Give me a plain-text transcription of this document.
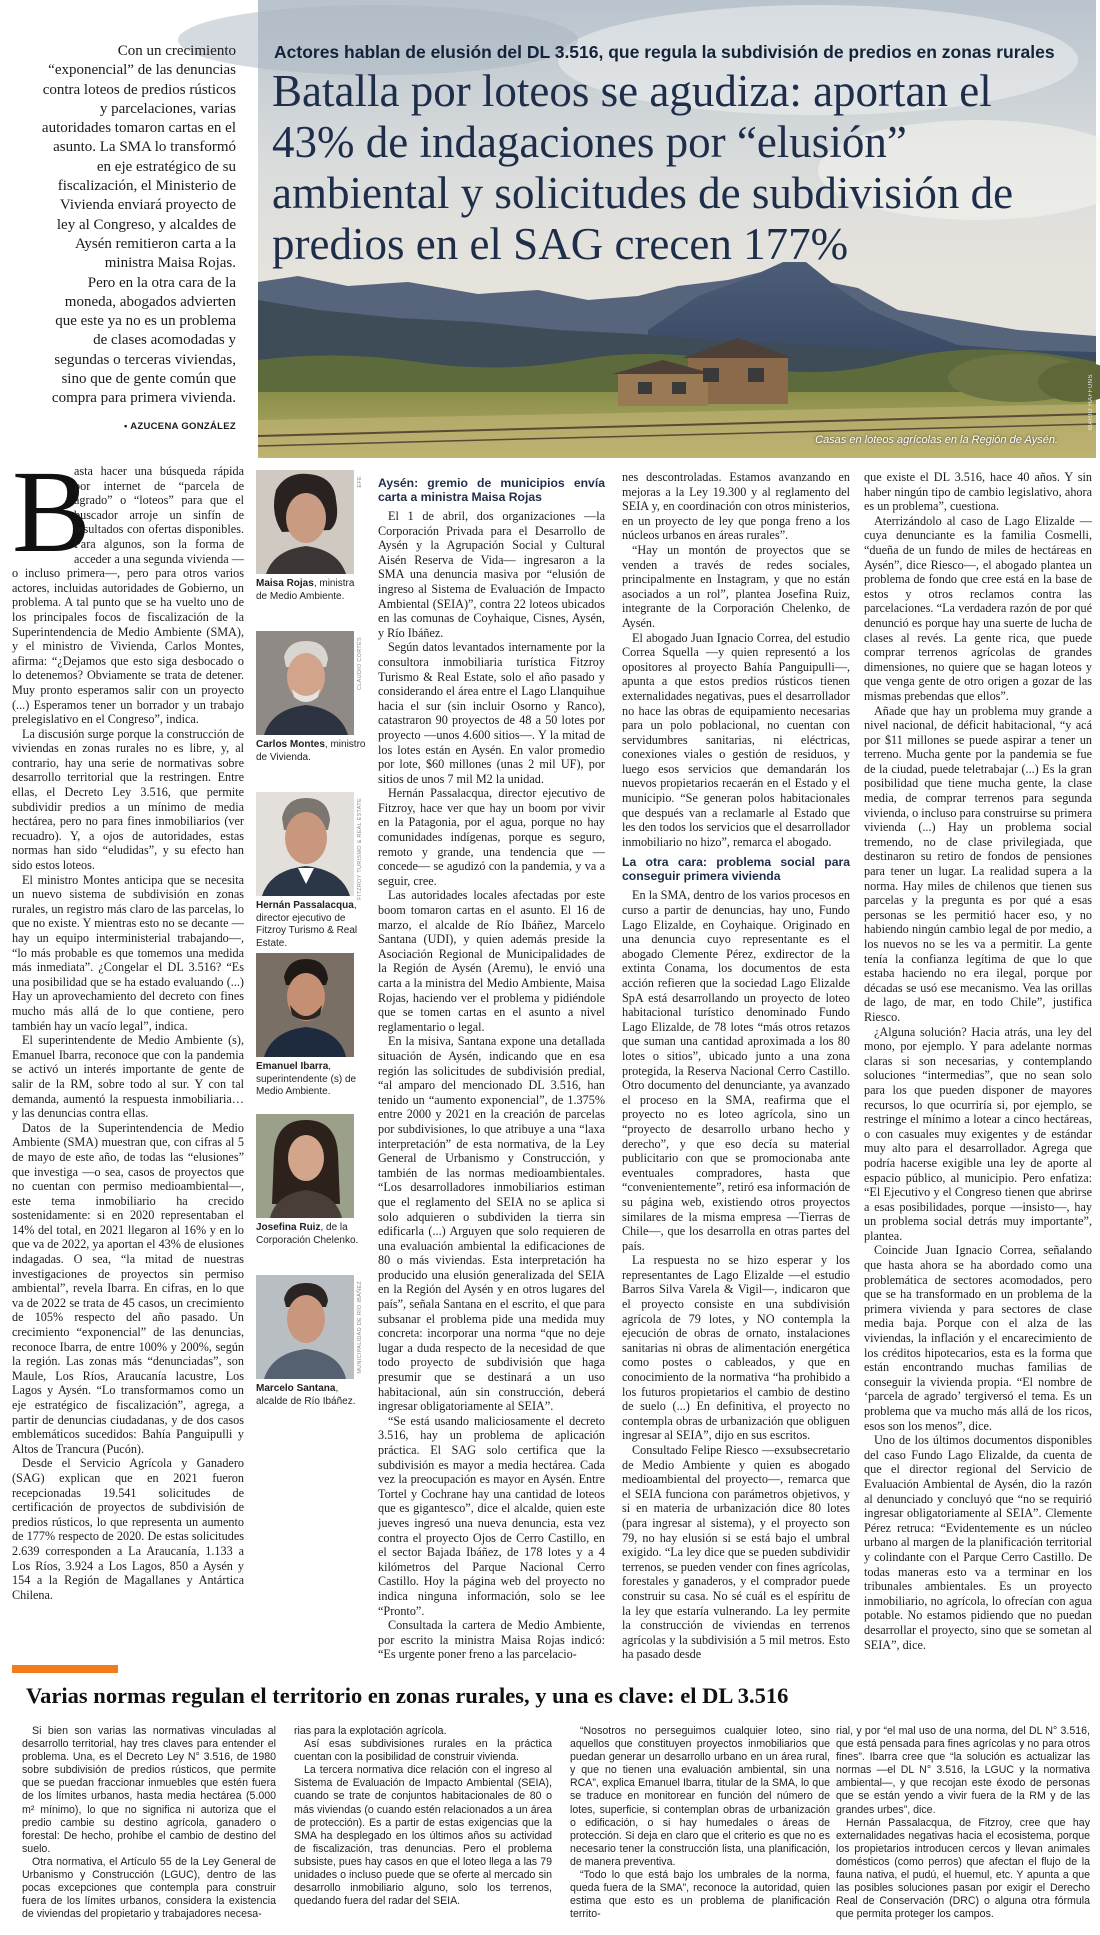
Actores hablan de elusión del DL 3.516, que regula la subdivisión de predios en zonas rurales
Batalla por loteos se agudiza: aportan el 43% de indagaciones por “elusión” ambiental y solicitudes de subdivisión de predios en el SAG crecen 177%
Casas en loteos agrícolas en la Región de Aysén.
MARIO RAFFUNS

Con un crecimiento “exponencial” de las denuncias contra loteos de predios rústicos y parcelaciones, varias autoridades tomaron cartas en el asunto. La SMA lo transformó en eje estratégico de su fiscalización, el Ministerio de Vivienda enviará proyecto de ley al Congreso, y alcaldes de Aysén remitieron carta a la ministra Maisa Rojas.

Pero en la otra cara de la moneda, abogados advierten que este ya no es un problema de clases acomodadas y segundas o terceras viviendas, sino que de gente común que compra para primera vivienda.

• AZUCENA GONZÁLEZ

B
asta hacer una búsqueda rápida por internet de “parcela de agrado” o “loteos” para que el buscador arroje un sinfín de resultados con ofertas disponibles. Para algunos, son la forma de acceder a una segunda vivienda —o incluso primera—, pero para otros varios actores, incluidas autoridades de Gobierno, un problema. A tal punto que se ha vuelto uno de los principales focos de fiscalización de la Superintendencia de Medio Ambiente (SMA), y el ministro de Vivienda, Carlos Montes, afirma: “¿Dejamos que esto siga desbocado o lo detenemos? Obviamente se trata de detener. Muy pronto esperamos salir con un proyecto (...) Esperamos tener un borrador y un trabajo prelegislativo en el Congreso”, indica.

La discusión surge porque la construcción de viviendas en zonas rurales no es libre, y, al contrario, hay una serie de normativas sobre desarrollo territorial que la restringen. Entre ellas, el Decreto Ley 3.516, que permite subdividir predios a un mínimo de media hectárea, pero no para fines inmobiliarios (ver recuadro). Y, a ojos de autoridades, estas normas han sido “eludidas”, y su efecto han sido estos loteos.

El ministro Montes anticipa que se necesita un nuevo sistema de subdivisión en zonas rurales, un registro más claro de las parcelas, lo que no existe. Y mientras esto no se decante —hay un equipo interministerial trabajando—, “lo más probable es que tomemos una medida más inmediata”. ¿Congelar el DL 3.516? “Es una posibilidad que se ha estado evaluando (...) Hay un aprovechamiento del decreto con fines mucho más allá de lo que contiene, pero también hay un vacío legal”, indica.

El superintendente de Medio Ambiente (s), Emanuel Ibarra, reconoce que con la pandemia se activó un interés importante de gente de salir de la RM, sobre todo al sur. Y con tal demanda, aumentó la respuesta inmobiliaria… y las denuncias contra ellas.

Datos de la Superintendencia de Medio Ambiente (SMA) muestran que, con cifras al 5 de mayo de este año, de todas las “elusiones” que investiga —o sea, casos de proyectos que no cuentan con permiso medioambiental—, este tema inmobiliario ha crecido sostenidamente: si en 2020 representaban el 14% del total, en 2021 llegaron al 16% y en lo que va de 2022, ya aportan el 43% de elusiones indagadas. O sea, “la mitad de nuestras investigaciones de proyectos sin permiso ambiental”, revela Ibarra. En cifras, en lo que va de 2022 se trata de 45 casos, un crecimiento de 105% respecto del año pasado. Un crecimiento “exponencial” de las denuncias, reconoce Ibarra, de entre 100% y 200%, según la región. Las zonas más “denunciadas”, son Maule, Los Ríos, Araucanía lacustre, Los Lagos y Aysén. “Lo transformamos como un eje estratégico de fiscalización”, agrega, a partir de denuncias ciudadanas, y de dos casos emblemáticos sucedidos: Bahía Panguipulli y Altos de Trancura (Pucón).

Desde el Servicio Agrícola y Ganadero (SAG) explican que en 2021 fueron recepcionadas 19.541 solicitudes de certificación de proyectos de subdivisión de predios rústicos, lo que representa un aumento de 177% respecto de 2020. De estas solicitudes 2.639 corresponden a La Araucanía, 1.133 a Los Ríos, 3.924 a Los Lagos, 850 a Aysén y 154 a la Región de Magallanes y Antártica Chilena.

EFE
Maisa Rojas, ministra de Medio Ambiente.
CLAUDIO CORTÉS
Carlos Montes, ministro de Vivienda.
FITZROY TURISMO & REAL ESTATE
Hernán Passalacqua, director ejecutivo de Fitzroy Turismo & Real Estate.
Emanuel Ibarra, superintendente (s) de Medio Ambiente.
Josefina Ruiz, de la Corporación Chelenko.
MUNICIPALIDAD DE RÍO IBÁÑEZ
Marcelo Santana, alcalde de Río Ibáñez.
Aysén: gremio de municipios envía carta a ministra Maisa Rojas

El 1 de abril, dos organizaciones —la Corporación Privada para el Desarrollo de Aysén y la Agrupación Social y Cultural Aisén Reserva de Vida— ingresaron a la SMA una denuncia masiva por “elusión de ingreso al Sistema de Evaluación de Impacto Ambiental (SEIA)”, contra 22 loteos ubicados en las comunas de Coyhaique, Cisnes, Aysén, y Río Ibáñez.

Según datos levantados internamente por la consultora inmobiliaria turística Fitzroy Turismo & Real Estate, solo el año pasado y considerando el área entre el Lago Llanquihue hacia el sur (sin incluir Osorno y Ranco), catastraron 90 proyectos de 48 a 50 lotes por proyecto —unos 4.600 sitios—. Y la mitad de los lotes están en Aysén. En valor promedio por lote, $60 millones (unas 2 mil UF), por sitios de unos 7 mil M2 la unidad.

Hernán Passalacqua, director ejecutivo de Fitzroy, hace ver que hay un boom por vivir en la Patagonia, por el agua, porque no hay comunidades indígenas, porque es seguro, remoto y grande, una tendencia que —concede— se agudizó con la pandemia, y va a seguir, cree.

Las autoridades locales afectadas por este boom tomaron cartas en el asunto. El 16 de marzo, el alcalde de Río Ibáñez, Marcelo Santana (UDI), y quien además preside la Asociación Regional de Municipalidades de la Región de Aysén (Aremu), le envió una carta a la ministra del Medio Ambiente, Maisa Rojas, haciendo ver el problema y pidiéndole que se tomen cartas en el asunto a nivel reglamentario o legal.

En la misiva, Santana expone una detallada situación de Aysén, indicando que en esa región las solicitudes de subdivisión predial, “al amparo del mencionado DL 3.516, han tenido un “aumento exponencial”, de 1.375% entre 2000 y 2021 en la creación de parcelas por subdivisiones, lo que atribuye a una “laxa interpretación” de esta normativa, de la Ley General de Urbanismo y Construcción, y también de las normas medioambientales. “Los desarrolladores inmobiliarios estiman que el reglamento del SEIA no se aplica si solo adquieren o subdividen la tierra sin edificarla (...) Arguyen que solo requieren de una evaluación ambiental la edificaciones de 80 o más viviendas. Esta interpretación ha producido una elusión generalizada del SEIA en la Región del Aysén y en otros lugares del país”, señala Santana en el escrito, el que para subsanar el problema pide una medida muy concreta: incorporar una norma “que no deje lugar a duda respecto de la necesidad de que todo proyecto de subdivisión que haga presumir que se destinará a un uso habitacional, aún sin construcción, deberá ingresar obligatoriamente al SEIA”.

“Se está usando maliciosamente el decreto 3.516, hay un problema de aplicación práctica. El SAG solo certifica que la subdivisión es mayor a media hectárea. Cada vez la preocupación es mayor en Aysén. Entre Tortel y Cochrane hay una cantidad de loteos que es gigantesco”, dice el alcalde, quien este jueves ingresó una nueva denuncia, esta vez contra el proyecto Ojos de Cerro Castillo, en el sector Bajada Ibáñez, de 178 lotes y a 4 kilómetros del Parque Nacional Cerro Castillo. Hoy la página web del proyecto no indica ninguna información, solo se lee “Pronto”.

Consultada la cartera de Medio Ambiente, por escrito la ministra Maisa Rojas indicó: “Es urgente poner freno a las parcelacio-

nes descontroladas. Estamos avanzando en mejoras a la Ley 19.300 y al reglamento del SEIA y, en coordinación con otros ministerios, en un proyecto de ley que ponga freno a los núcleos urbanos en áreas rurales”.

“Hay un montón de proyectos que se venden a través de redes sociales, principalmente en Instagram, y que no están asociados a un rol”, plantea Josefina Ruiz, integrante de la Corporación Chelenko, de Aysén.

El abogado Juan Ignacio Correa, del estudio Correa Squella —y quien representó a los opositores al proyecto Bahía Panguipulli—, apunta a que estos predios rústicos tienen externalidades negativas, pues el desarrollador no hace las obras de equipamiento necesarias para un polo poblacional, no cuentan con servidumbres sanitarias, ni eléctricas, conexiones viales o gestión de residuos, y luego esos servicios que demandarán los nuevos propietarios recaerán en el Estado y el municipio. “Se generan polos habitacionales que después van a reclamarle al Estado que les den todos los servicios que el desarrollador inmobiliario no hizo”, remarca el abogado.

La otra cara: problema social para conseguir primera vivienda

En la SMA, dentro de los varios procesos en curso a partir de denuncias, hay uno, Fundo Lago Elizalde, en Coyhaique. Originado en una denuncia cuyo representante es el abogado Clemente Pérez, exdirector de la extinta Conama, los documentos de esta acción refieren que la sociedad Lago Elizalde SpA está desarrollando un proyecto de loteo habitacional turístico denominado Fundo Lago Elizalde, de 78 lotes “más otros retazos que suman una cantidad aproximada a los 80 lotes o sitios”, ubicado junto a una zona protegida, la Reserva Nacional Cerro Castillo. Otro documento del denunciante, ya avanzado el proceso en la SMA, reafirma que el proyecto no es loteo agrícola, sino un “proyecto de desarrollo urbano hecho y derecho”, y que eso decía su material publicitario con que se promocionaba ante eventuales compradores, hasta que “convenientemente”, retiró esa información de su página web, existiendo otros proyectos similares de la misma empresa —Tierras de Chile—, que los desarrolla en otras partes del país.

La respuesta no se hizo esperar y los representantes de Lago Elizalde —el estudio Barros Silva Varela & Vigil—, indicaron que el proyecto consiste en una subdivisión agrícola de 79 lotes, y NO contempla la ejecución de obras de ornato, instalaciones sanitarias ni obras de alimentación energética como postes o cableados, y que en conocimiento de la normativa “ha prohibido a los futuros propietarios el cambio de destino de suelo (...) En definitiva, el proyecto no contempla obras de urbanización que obliguen ingresar al SEIA”, dijo en sus escritos.

Consultado Felipe Riesco —exsubsecretario de Medio Ambiente y quien es abogado medioambiental del proyecto—, remarca que el SEIA funciona con parámetros objetivos, y si en materia de urbanización dice 80 lotes (para ingresar al sistema), y el proyecto son 79, no hay elusión si se está bajo el umbral exigido. “La ley dice que se pueden subdividir terrenos, se pueden vender con fines agrícolas, forestales y ganaderos, y el comprador puede construir su casa. No sé cuál es el espíritu de la ley que estaría vulnerando. La ley permite la construcción de viviendas en terrenos agrícolas y la subdivisión a 5 mil metros. Esto ha pasado desde

que existe el DL 3.516, hace 40 años. Y sin haber ningún tipo de cambio legislativo, ahora es un problema”, cuestiona.

Aterrizándolo al caso de Lago Elizalde —cuya denunciante es la familia Cosmelli, “dueña de un fundo de miles de hectáreas en Aysén”, dice Riesco—, el abogado plantea un problema de fondo que cree está en la base de estos y otros reclamos contra las parcelaciones. “La verdadera razón de por qué denunció es porque hay una suerte de lucha de clases al revés. La gente rica, que puede comprar terrenos agrícolas de grandes dimensiones, no quiere que se hagan loteos y que venga gente de otro origen a gozar de las mismas prebendas que ellos”.

Añade que hay un problema muy grande a nivel nacional, de déficit habitacional, “y acá por $11 millones se puede aspirar a tener un terreno. Mucha gente por la pandemia se fue de la ciudad, puede teletrabajar (...) Es la gran posibilidad que tiene mucha gente, la clase media, de comprar terrenos para segunda vivienda, o incluso para construirse su primera vivienda (...) Hay un problema social tremendo, no de clase privilegiada, que destinaron su retiro de fondos de pensiones para tener un lugar. La realidad supera a la norma. Hay miles de chilenos que tienen sus parcelas y la pregunta es por qué a esas personas se les permitió hacer eso, y no habiendo ningún cambio legal de por medio, a los nuevos no se les va a permitir. La gente tenía la confianza legítima de que lo que estaba haciendo no era ilegal, porque por décadas se usó ese mecanismo. Vea las orillas de lago, de mar, en todo Chile”, justifica Riesco.

¿Alguna solución? Hacia atrás, una ley del mono, por ejemplo. Y para adelante normas claras si son necesarias, y contemplando soluciones “intermedias”, que no sean solo para los que pueden disponer de mayores recursos, lo que ocurriría si, por ejemplo, se restringe el mínimo a lotear a cinco hectáreas, o con casuales muy exigentes y de estándar muy alto para el desarrollador. Agrega que podría hacerse exigible una ley de aporte al espacio público, al municipio. Pero enfatiza: “El Ejecutivo y el Congreso tienen que abrirse a esas posibilidades, porque —insisto—, hay un problema social detrás muy importante”, plantea.

Coincide Juan Ignacio Correa, señalando que hasta ahora se ha abordado como una problemática de sectores acomodados, pero que se ha transformado en un problema de la primera vivienda y para sectores de clase media baja. Porque con el alza de las viviendas, la inflación y el encarecimiento de los créditos hipotecarios, esta es la forma que están encontrando muchas familias de conseguir la vivienda propia. “El nombre de ‘parcela de agrado’ tergiversó el tema. Es un problema que va mucho más allá de los ricos, esos son los menos”, dice.

Uno de los últimos documentos disponibles del caso Fundo Lago Elizalde, da cuenta de que el director regional del Servicio de Evaluación Ambiental de Aysén, dio la razón al denunciado y concluyó que “no se requirió ingresar obligatoriamente al SEIA”. Clemente Pérez retruca: “Evidentemente es un núcleo urbano al margen de la planificación territorial y colindante con el Parque Cerro Castillo. De todas maneras esto va a terminar en los tribunales ambientales. Es un proyecto inmobiliario, no agrícola, lo ofrecían con agua potable. No estamos pidiendo que no puedan desarrollar el proyecto, sino que se sometan al SEIA”, dice.

Varias normas regulan el territorio en zonas rurales, y una es clave: el DL 3.516

Si bien son varias las normativas vinculadas al desarrollo territorial, hay tres claves para entender el problema. Una, es el Decreto Ley N° 3.516, de 1980 sobre subdivisión de predios rústicos, que permite que se puedan fraccionar inmuebles que estén fuera de los límites urbanos, hasta media hectárea (5.000 m² mínimo), lo que no significa ni autoriza que el predio cambie su destino agrícola, ganadero o forestal: De hecho, prohíbe el cambio de destino del suelo.

Otra normativa, el Artículo 55 de la Ley General de Urbanismo y Construcción (LGUC), dentro de las pocas excepciones que contempla para construir fuera de los límites urbanos, considera la existencia de viviendas del propietario y trabajadores necesa-

rias para la explotación agrícola.

Así esas subdivisiones rurales en la práctica cuentan con la posibilidad de construir vivienda.

La tercera normativa dice relación con el ingreso al Sistema de Evaluación de Impacto Ambiental (SEIA), cuando se trate de conjuntos habitacionales de 80 o más viviendas (o cuando estén relacionados a un área de protección). Es a partir de estas exigencias que la SMA ha desplegado en los últimos años su actividad de fiscalización, tras denuncias. Pero el problema subsiste, pues hay casos en que el loteo llega a las 79 unidades o incluso puede que se oferte al mercado sin desarrollo inmobiliario alguno, solo los terrenos, quedando fuera del radar del SEIA.

“Nosotros no perseguimos cualquier loteo, sino aquellos que constituyen proyectos inmobiliarios que puedan generar un desarrollo urbano en un área rural, y que no tienen una evaluación ambiental, sin una RCA”, explica Emanuel Ibarra, titular de la SMA, lo que se traduce en monitorear en función del número de lotes, superficie, si contemplan obras de urbanización o edificación, o si hay humedales o áreas de protección. Si deja en claro que el criterio es que no es necesario tener la construcción lista, una planificación, de manera preventiva.

“Todo lo que está bajo los umbrales de la norma, queda fuera de la SMA”, reconoce la autoridad, quien estima que esto es un problema de planificación territo-

rial, y por “el mal uso de una norma, del DL N° 3.516, que está pensada para fines agrícolas y no para otros fines”. Ibarra cree que “la solución es actualizar las normas —el DL N° 3.516, la LGUC y la normativa ambiental—, y que recojan este éxodo de personas que se están yendo a vivir fuera de la RM y de las grandes urbes”, dice.

Hernán Passalacqua, de Fitzroy, cree que hay externalidades negativas hacia el ecosistema, porque los propietarios introducen cercos y llevan animales domésticos (como perros) que afectan el flujo de la fauna nativa, el pudú, el huemul, etc. Y apunta a que las posibles soluciones pasan por exigir el Derecho Real de Conservación (DRC) o alguna otra fórmula que permita proteger los campos.
